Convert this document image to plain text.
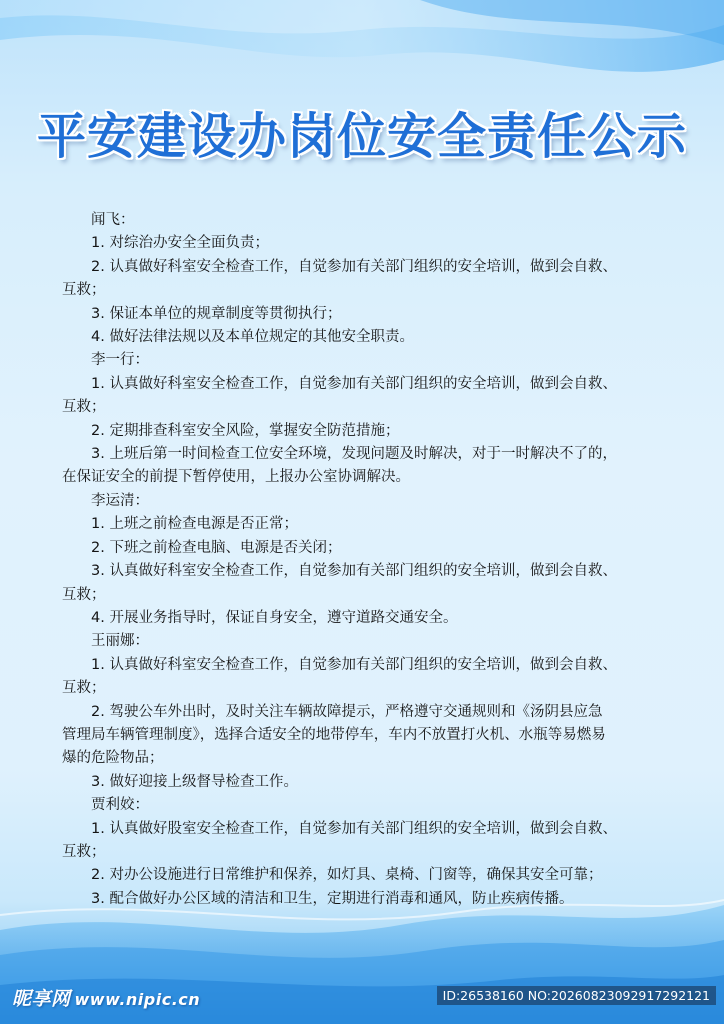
平安建设办岗位安全责任公示

闻飞：

1. 对综治办安全全面负责；

2. 认真做好科室安全检查工作，自觉参加有关部门组织的安全培训，做到会自救、

互救；

3. 保证本单位的规章制度等贯彻执行；

4. 做好法律法规以及本单位规定的其他安全职责。

李一行：

1. 认真做好科室安全检查工作，自觉参加有关部门组织的安全培训，做到会自救、

互救；

2. 定期排查科室安全风险，掌握安全防范措施；

3. 上班后第一时间检查工位安全环境，发现问题及时解决，对于一时解决不了的，

在保证安全的前提下暂停使用，上报办公室协调解决。

李运清：

1. 上班之前检查电源是否正常；

2. 下班之前检查电脑、电源是否关闭；

3. 认真做好科室安全检查工作，自觉参加有关部门组织的安全培训，做到会自救、

互救；

4. 开展业务指导时，保证自身安全，遵守道路交通安全。

王丽娜：

1. 认真做好科室安全检查工作，自觉参加有关部门组织的安全培训，做到会自救、

互救；

2. 驾驶公车外出时，及时关注车辆故障提示，严格遵守交通规则和《汤阴县应急

管理局车辆管理制度》，选择合适安全的地带停车，车内不放置打火机、水瓶等易燃易

爆的危险物品；

3. 做好迎接上级督导检查工作。

贾利姣：

1. 认真做好股室安全检查工作，自觉参加有关部门组织的安全培训，做到会自救、

互救；

2. 对办公设施进行日常维护和保养，如灯具、桌椅、门窗等，确保其安全可靠；

3. 配合做好办公区域的清洁和卫生，定期进行消毒和通风，防止疾病传播。

昵享网 www.nipic.cn	ID:26538160 NO:20260823092917292121
